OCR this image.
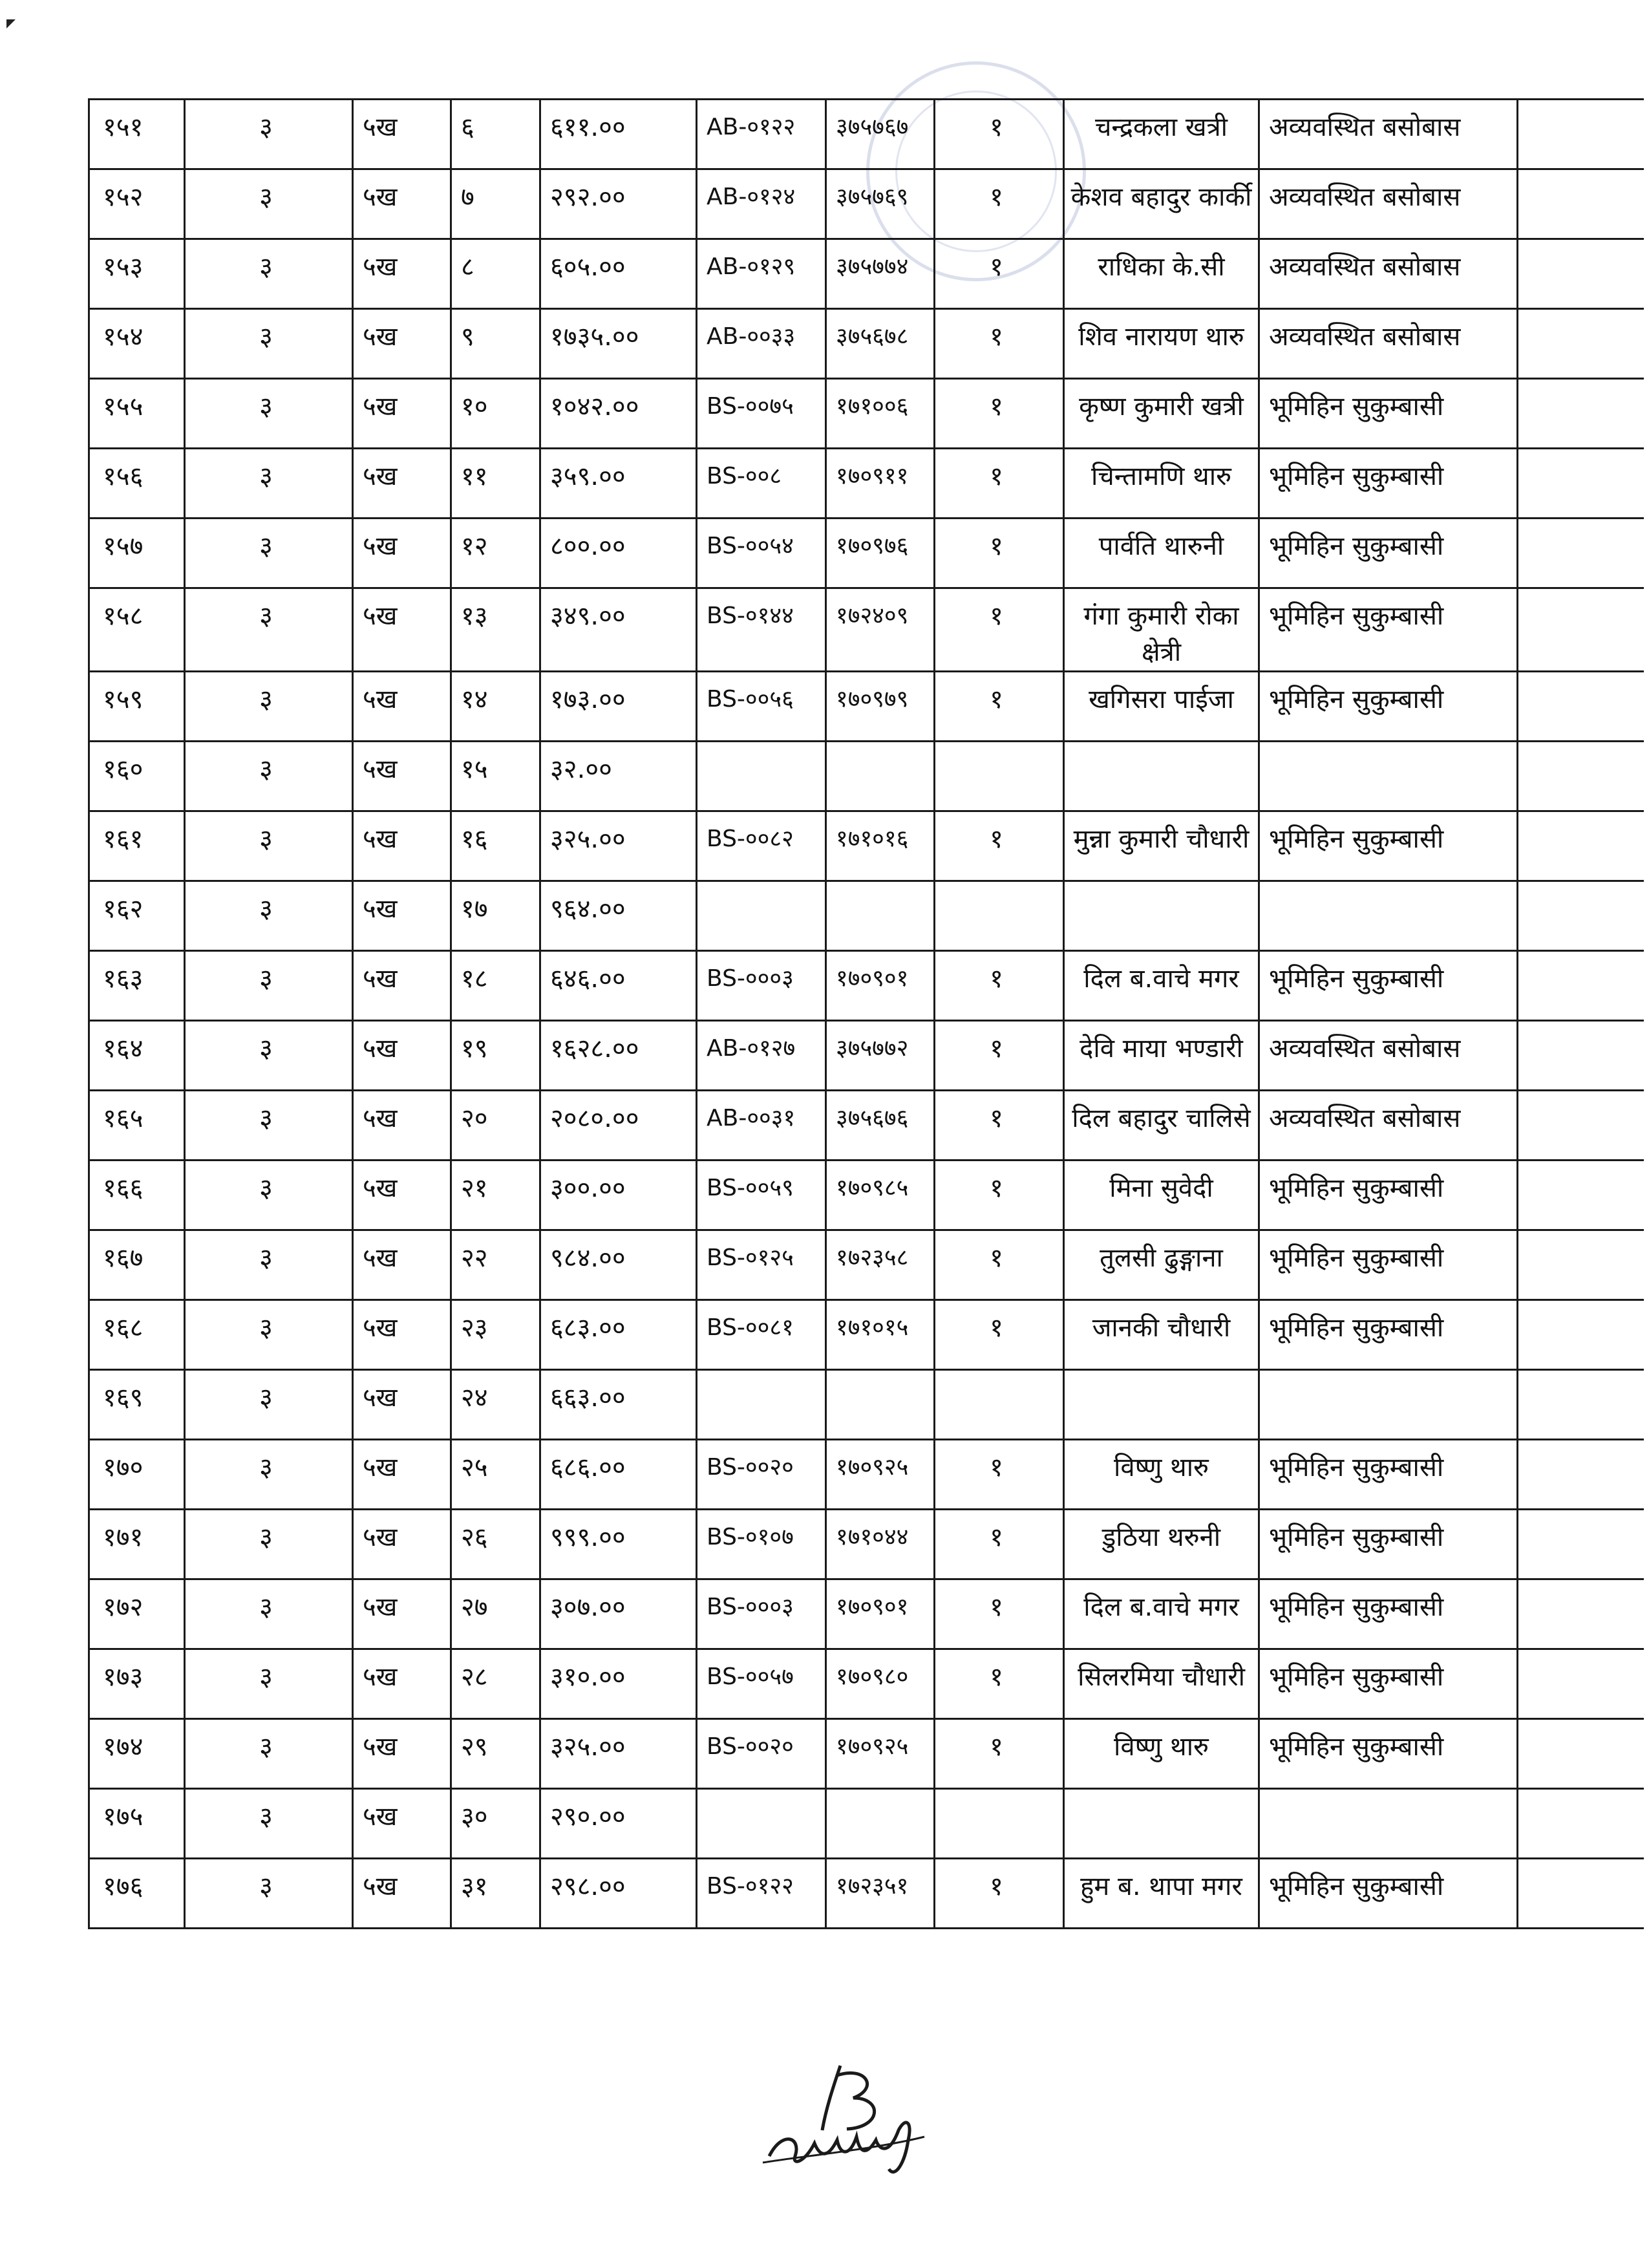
१५१	३	५ख	६	६११.००	AB-०१२२	३७५७६७	१	चन्द्रकला खत्री	अव्यवस्थित बसोबास	
१५२	३	५ख	७	२९२.००	AB-०१२४	३७५७६९	१	केशव बहादुर कार्की	अव्यवस्थित बसोबास	
१५३	३	५ख	८	६०५.००	AB-०१२९	३७५७७४	१	राधिका के.सी	अव्यवस्थित बसोबास	
१५४	३	५ख	९	१७३५.००	AB-००३३	३७५६७८	१	शिव नारायण थारु	अव्यवस्थित बसोबास	
१५५	३	५ख	१०	१०४२.००	BS-००७५	१७१००६	१	कृष्ण कुमारी खत्री	भूमिहिन सुकुम्बासी	
१५६	३	५ख	११	३५९.००	BS-००८	१७०९११	१	चिन्तामणि थारु	भूमिहिन सुकुम्बासी	
१५७	३	५ख	१२	८००.००	BS-००५४	१७०९७६	१	पार्वति थारुनी	भूमिहिन सुकुम्बासी	
१५८	३	५ख	१३	३४९.००	BS-०१४४	१७२४०९	१	गंगा कुमारी रोका क्षेत्री	भूमिहिन सुकुम्बासी	
१५९	३	५ख	१४	१७३.००	BS-००५६	१७०९७९	१	खगिसरा पाईजा	भूमिहिन सुकुम्बासी	
१६०	३	५ख	१५	३२.००						
१६१	३	५ख	१६	३२५.००	BS-००८२	१७१०१६	१	मुन्ना कुमारी चौधारी	भूमिहिन सुकुम्बासी	
१६२	३	५ख	१७	९६४.००						
१६३	३	५ख	१८	६४६.००	BS-०००३	१७०९०१	१	दिल ब.वाचे मगर	भूमिहिन सुकुम्बासी	
१६४	३	५ख	१९	१६२८.००	AB-०१२७	३७५७७२	१	देवि माया भण्डारी	अव्यवस्थित बसोबास	
१६५	३	५ख	२०	२०८०.००	AB-००३१	३७५६७६	१	दिल बहादुर चालिसे	अव्यवस्थित बसोबास	
१६६	३	५ख	२१	३००.००	BS-००५९	१७०९८५	१	मिना सुवेदी	भूमिहिन सुकुम्बासी	
१६७	३	५ख	२२	९८४.००	BS-०१२५	१७२३५८	१	तुलसी ढुङ्गाना	भूमिहिन सुकुम्बासी	
१६८	३	५ख	२३	६८३.००	BS-००८१	१७१०१५	१	जानकी चौधारी	भूमिहिन सुकुम्बासी	
१६९	३	५ख	२४	६६३.००						
१७०	३	५ख	२५	६८६.००	BS-००२०	१७०९२५	१	विष्णु थारु	भूमिहिन सुकुम्बासी	
१७१	३	५ख	२६	९९९.००	BS-०१०७	१७१०४४	१	डुठिया थरुनी	भूमिहिन सुकुम्बासी	
१७२	३	५ख	२७	३०७.००	BS-०००३	१७०९०१	१	दिल ब.वाचे मगर	भूमिहिन सुकुम्बासी	
१७३	३	५ख	२८	३१०.००	BS-००५७	१७०९८०	१	सिलरमिया चौधारी	भूमिहिन सुकुम्बासी	
१७४	३	५ख	२९	३२५.००	BS-००२०	१७०९२५	१	विष्णु थारु	भूमिहिन सुकुम्बासी	
१७५	३	५ख	३०	२९०.००						
१७६	३	५ख	३१	२९८.००	BS-०१२२	१७२३५१	१	हुम ब. थापा मगर	भूमिहिन सुकुम्बासी	
